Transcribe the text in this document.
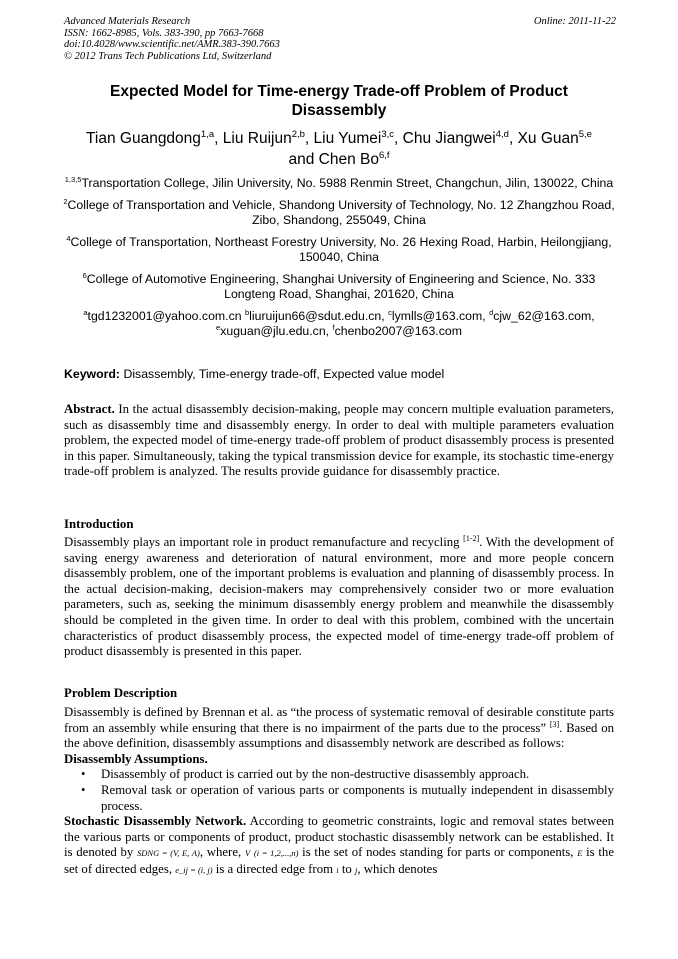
Advanced Materials Research
ISSN: 1662-8985, Vols. 383-390, pp 7663-7668
doi:10.4028/www.scientific.net/AMR.383-390.7663
© 2012 Trans Tech Publications Ltd, Switzerland
Online: 2011-11-22
Expected Model for Time-energy Trade-off Problem of Product Disassembly
Tian Guangdong$^{1,a}$, Liu Ruijun$^{2,b}$, Liu Yumei$^{3,c}$, Chu Jiangwei$^{4,d}$, Xu Guan$^{5,e}$
and Chen Bo$^{6,f}$

$^{1,3,5}$Transportation College, Jilin University, No. 5988 Renmin Street, Changchun, Jilin, 130022, China

$^2$College of Transportation and Vehicle, Shandong University of Technology, No. 12 Zhangzhou Road, Zibo, Shandong, 255049, China

$^4$College of Transportation, Northeast Forestry University, No. 26 Hexing Road, Harbin, Heilongjiang, 150040, China

$^6$College of Automotive Engineering, Shanghai University of Engineering and Science, No. 333 Longteng Road, Shanghai, 201620, China

$^a$tgd1232001@yahoo.com.cn $^b$liuruijun66@sdut.edu.cn, $^c$lymlls@163.com, $^d$cjw_62@163.com,
$^e$xuguan@jlu.edu.cn, $^f$chenbo2007@163.com

Keyword: Disassembly, Time-energy trade-off, Expected value model
Abstract. In the actual disassembly decision-making, people may concern multiple evaluation parameters, such as disassembly time and disassembly energy. In order to deal with multiple parameters evaluation problem, the expected model of time-energy trade-off problem of product disassembly process is presented in this paper. Simultaneously, taking the typical transmission device for example, its stochastic time-energy trade-off problem is analyzed. The results provide guidance for disassembly practice.
Introduction
Disassembly plays an important role in product remanufacture and recycling [1-2]. With the development of saving energy awareness and deterioration of natural environment, more and more people concern disassembly problem, one of the important problems is evaluation and planning of disassembly process. In the actual decision-making, decision-makers may comprehensively consider two or more evaluation parameters, such as, seeking the minimum disassembly energy problem and meanwhile the disassembly should be completed in the given time. In order to deal with this problem, combined with the uncertain characteristics of product disassembly process, the expected model of time-energy trade-off problem of product disassembly is presented in this paper.
Problem Description

Disassembly is defined by Brennan et al. as “the process of systematic removal of desirable constitute parts from an assembly while ensuring that there is no impairment of the parts due to the process” [3]. Based on the above definition, disassembly assumptions and disassembly network are described as follows:

Disassembly Assumptions.

• Disassembly of product is carried out by the non-destructive disassembly approach.
• Removal task or operation of various parts or components is mutually independent in disassembly process.

Stochastic Disassembly Network. According to geometric constraints, logic and removal states between the various parts or components of product, product stochastic disassembly network can be established. It is denoted by SDNG = (V, E, A), where, V (i = 1,2,...,n) is the set of nodes standing for parts or components, E is the set of directed edges, e_ij = (i, j) is a directed edge from i to j, which denotes
